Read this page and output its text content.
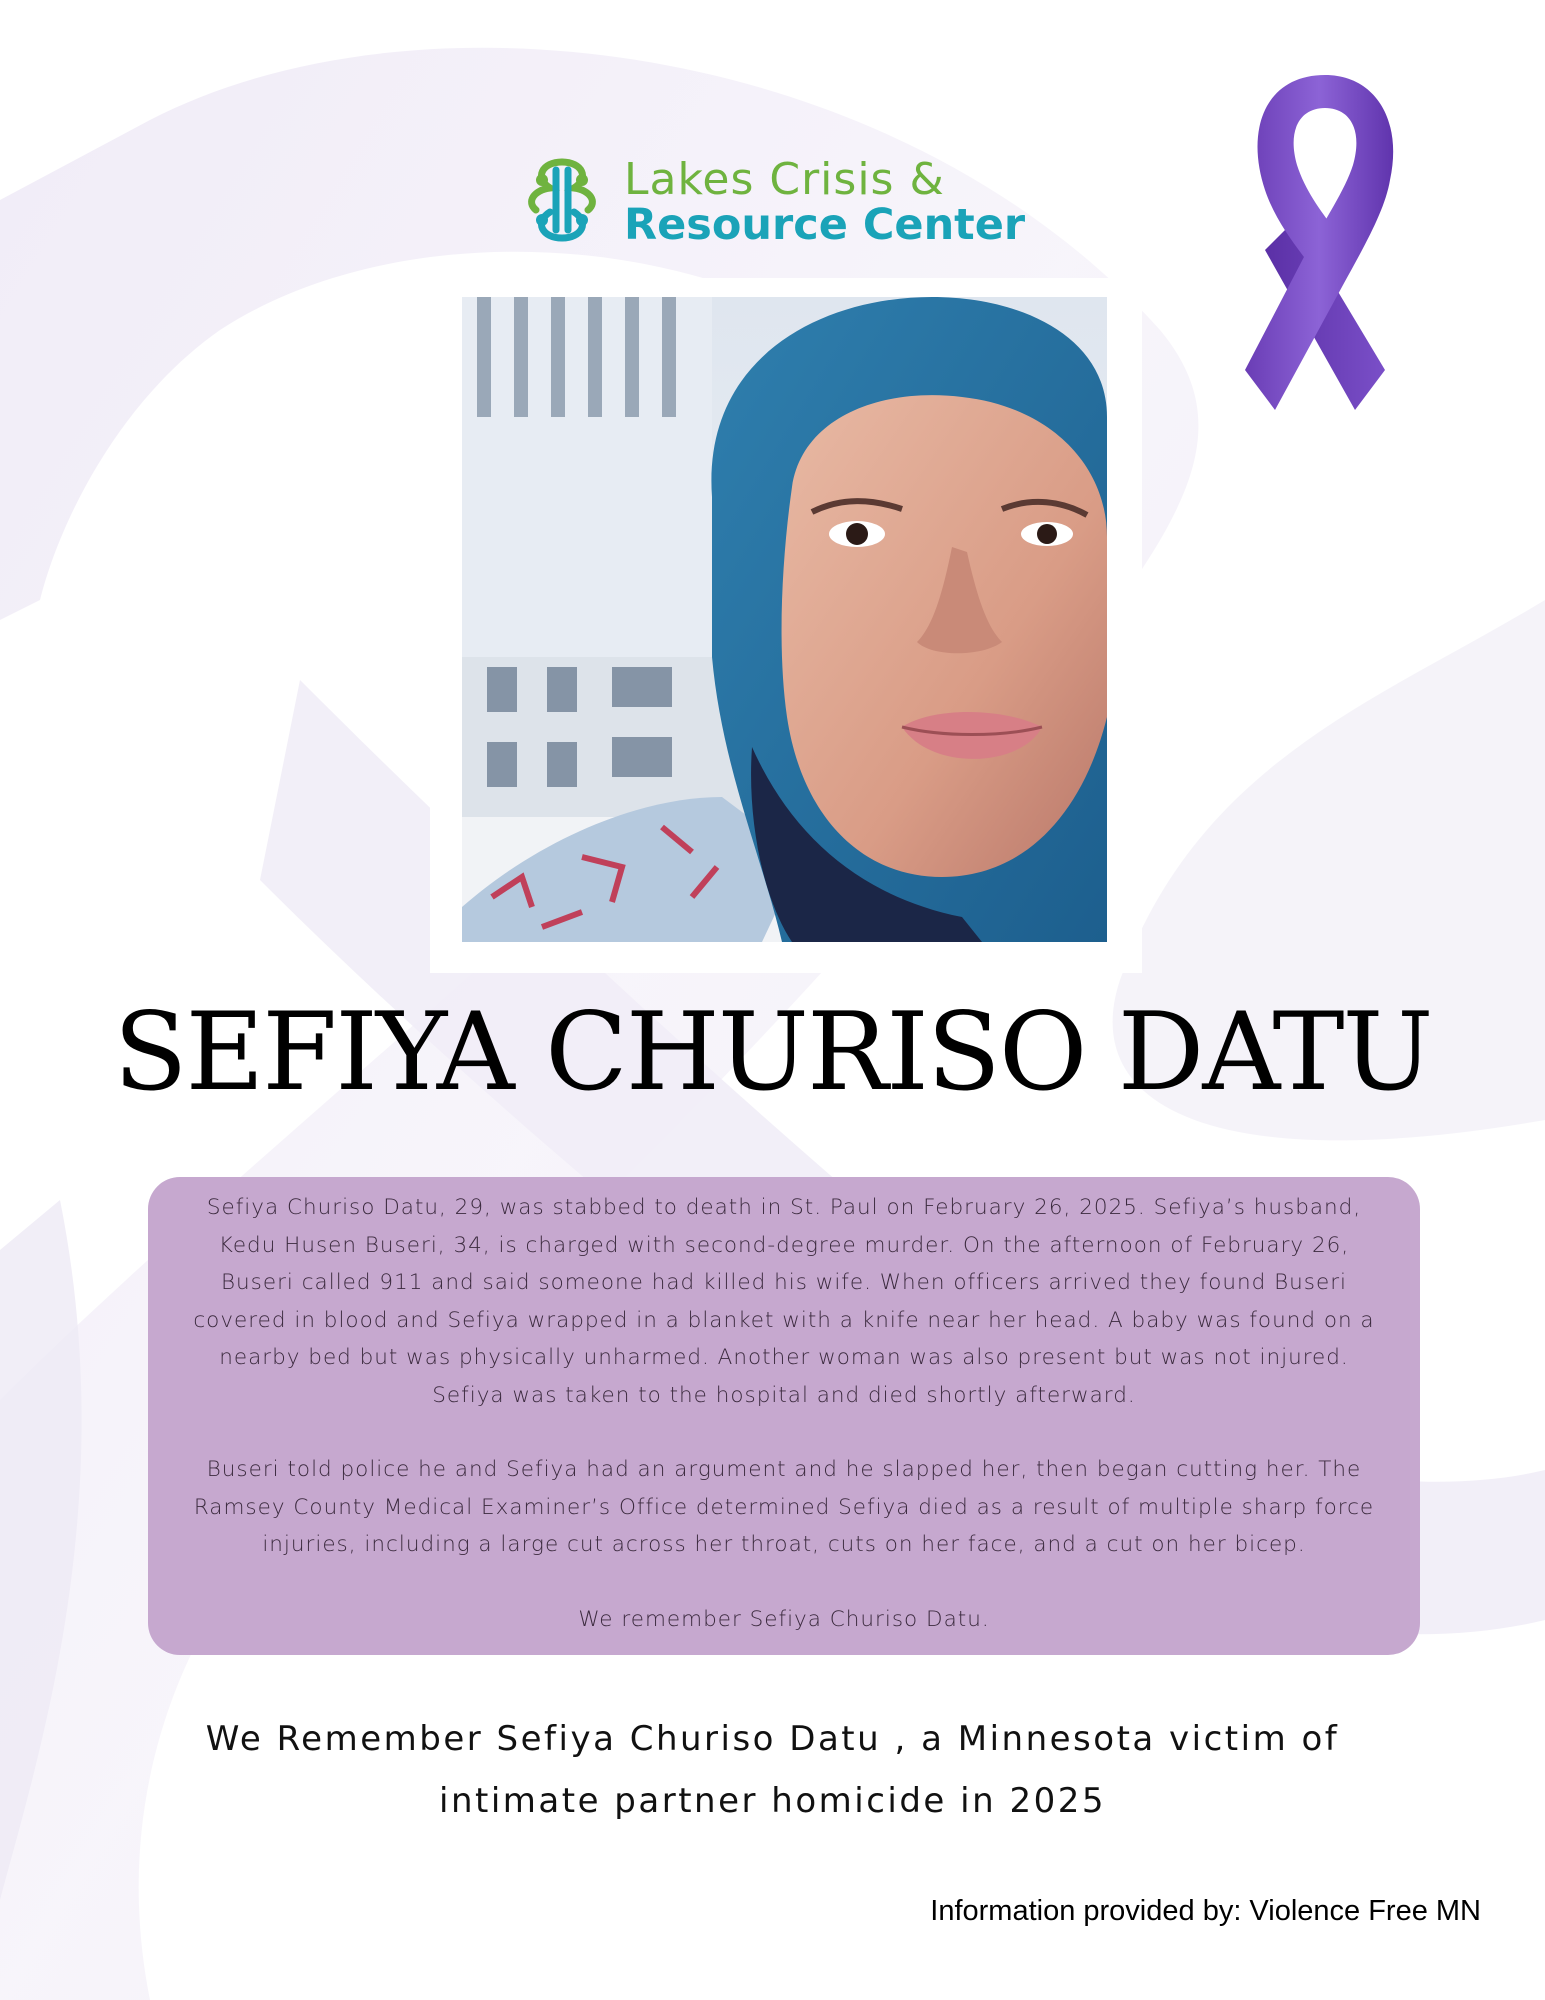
Lakes Crisis &
Resource Center
SEFIYA CHURISO DATU

Sefiya Churiso Datu, 29, was stabbed to death in St. Paul on February 26, 2025. Sefiya’s husband, Kedu Husen Buseri, 34, is charged with second-degree murder. On the afternoon of February 26, Buseri called 911 and said someone had killed his wife. When officers arrived they found Buseri covered in blood and Sefiya wrapped in a blanket with a knife near her head. A baby was found on a nearby bed but was physically unharmed. Another woman was also present but was not injured. Sefiya was taken to the hospital and died shortly afterward.

Buseri told police he and Sefiya had an argument and he slapped her, then began cutting her. The Ramsey County Medical Examiner’s Office determined Sefiya died as a result of multiple sharp force injuries, including a large cut across her throat, cuts on her face, and a cut on her bicep.

We remember Sefiya Churiso Datu.

We Remember Sefiya Churiso Datu , a Minnesota victim of
intimate partner homicide in 2025
Information provided by: Violence Free MN
